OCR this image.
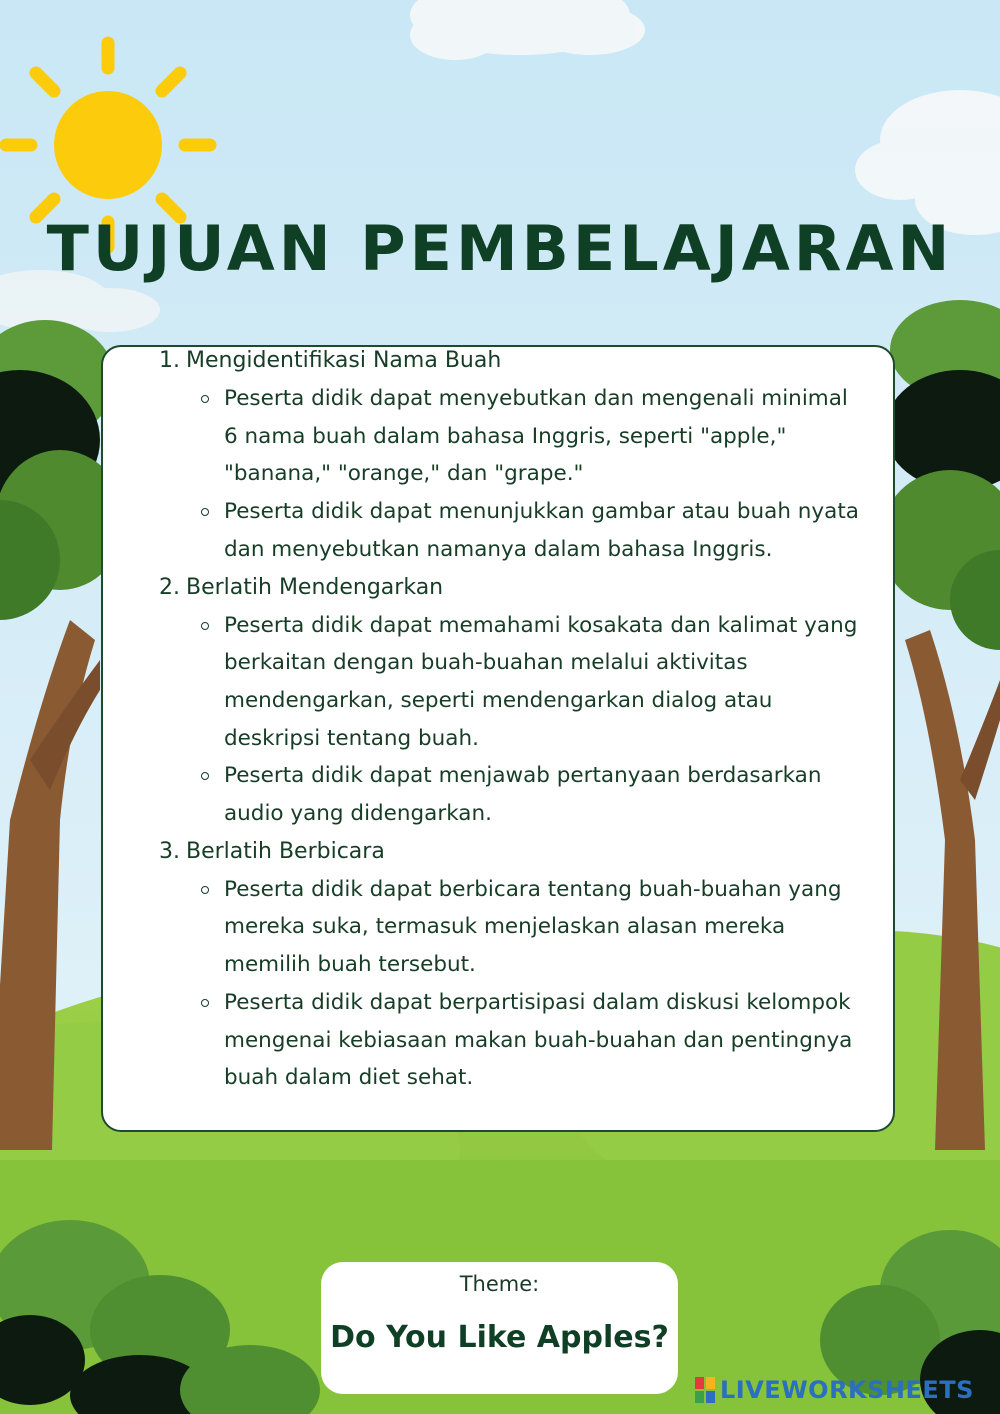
TUJUAN PEMBELAJARAN
1. Mengidentifikasi Nama Buah
Peserta didik dapat menyebutkan dan mengenali minimal 6 nama buah dalam bahasa Inggris, seperti "apple," "banana," "orange," dan "grape."
Peserta didik dapat menunjukkan gambar atau buah nyata dan menyebutkan namanya dalam bahasa Inggris.
2. Berlatih Mendengarkan
Peserta didik dapat memahami kosakata dan kalimat yang berkaitan dengan buah-buahan melalui aktivitas mendengarkan, seperti mendengarkan dialog atau deskripsi tentang buah.
Peserta didik dapat menjawab pertanyaan berdasarkan audio yang didengarkan.
3. Berlatih Berbicara
Peserta didik dapat berbicara tentang buah-buahan yang mereka suka, termasuk menjelaskan alasan mereka memilih buah tersebut.
Peserta didik dapat berpartisipasi dalam diskusi kelompok mengenai kebiasaan makan buah-buahan dan pentingnya buah dalam diet sehat.
Theme:
Do You Like Apples?
LIVEWORKSHEETS
